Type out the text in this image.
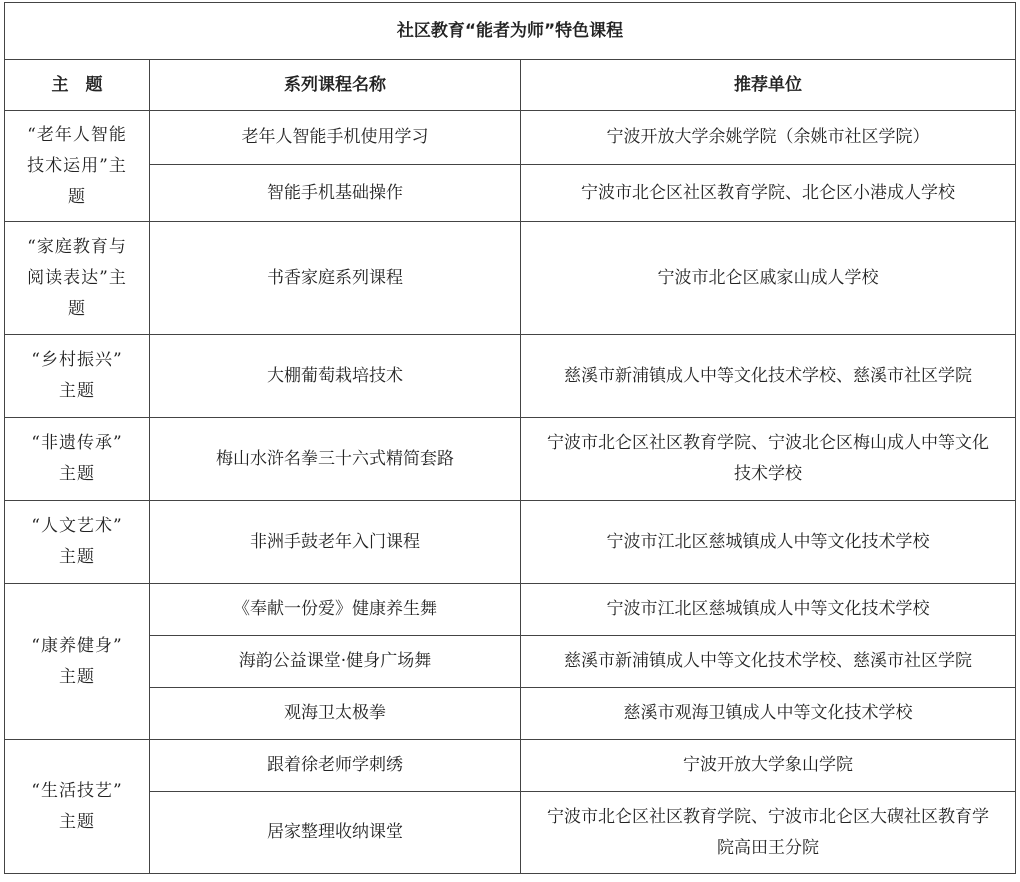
社区教育“能者为师”特色课程		
主　题	系列课程名称	推荐单位

“老年人智能
技术运用”主
题	老年人智能手机使用学习	宁波开放大学余姚学院（余姚市社区学院）
	智能手机基础操作	宁波市北仑区社区教育学院、北仑区小港成人学校

“家庭教育与
阅读表达”主
题	书香家庭系列课程	宁波市北仑区戚家山成人学校

“乡村振兴”
主题	大棚葡萄栽培技术	慈溪市新浦镇成人中等文化技术学校、慈溪市社区学院

“非遗传承”
主题	梅山水浒名拳三十六式精简套路	宁波市北仑区社区教育学院、宁波北仑区梅山成人中等文化
技术学校

“人文艺术”
主题	非洲手鼓老年入门课程	宁波市江北区慈城镇成人中等文化技术学校

“康养健身”
主题	《奉献一份爱》健康养生舞	宁波市江北区慈城镇成人中等文化技术学校
	海韵公益课堂·健身广场舞	慈溪市新浦镇成人中等文化技术学校、慈溪市社区学院
	观海卫太极拳	慈溪市观海卫镇成人中等文化技术学校

“生活技艺”
主题	跟着徐老师学刺绣	宁波开放大学象山学院
	居家整理收纳课堂	宁波市北仑区社区教育学院、宁波市北仑区大碶社区教育学
院高田王分院
